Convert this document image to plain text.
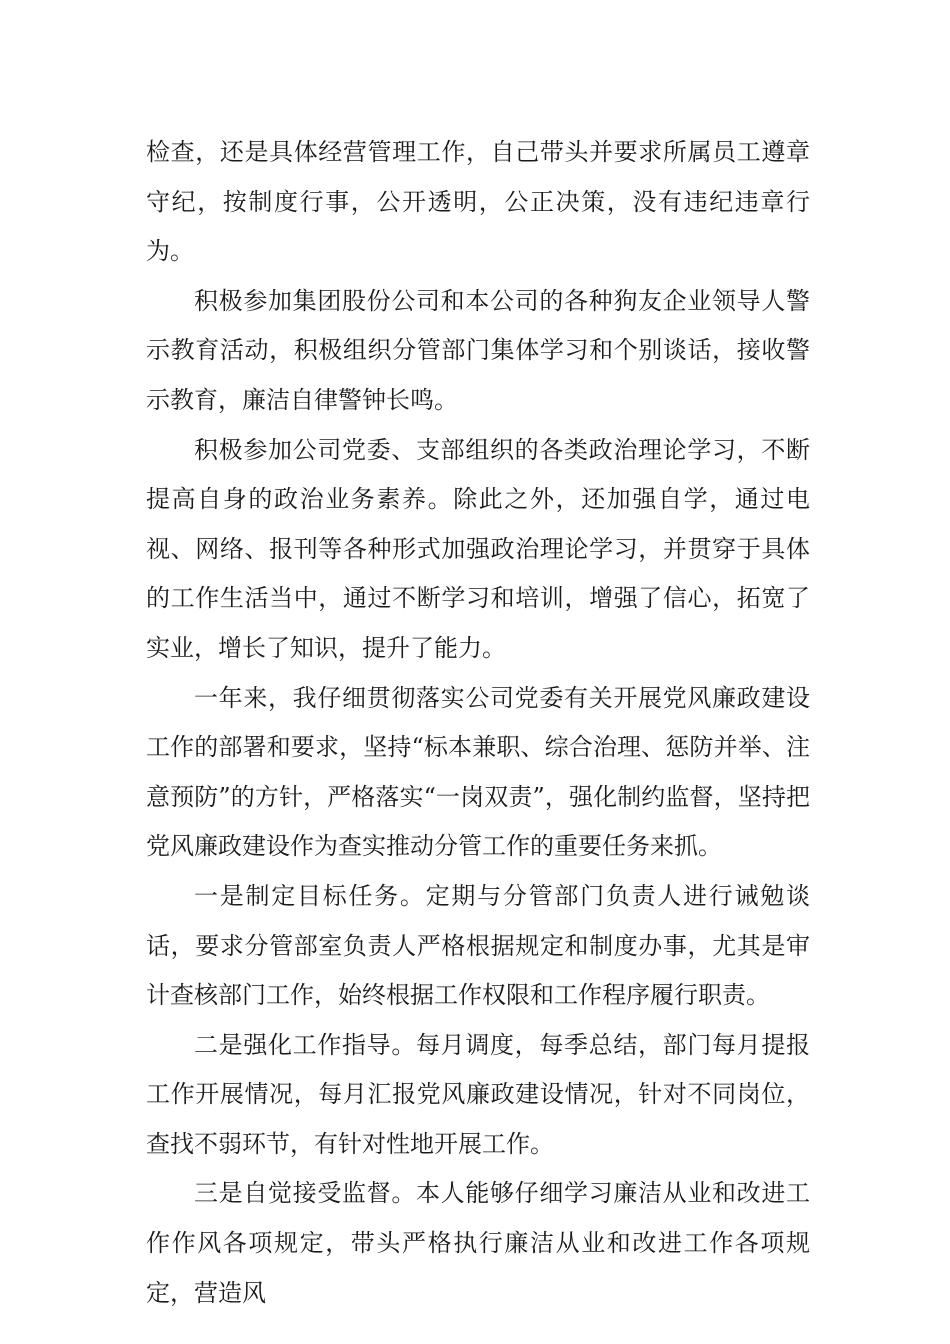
检查，还是具体经营管理工作，自己带头并要求所属员工遵章守纪，按制度行事，公开透明，公正决策，没有违纪违章行为。

积极参加集团股份公司和本公司的各种狗友企业领导人警示教育活动，积极组织分管部门集体学习和个别谈话，接收警示教育，廉洁自律警钟长鸣。

积极参加公司党委、支部组织的各类政治理论学习，不断提高自身的政治业务素养。除此之外，还加强自学，通过电视、网络、报刊等各种形式加强政治理论学习，并贯穿于具体的工作生活当中，通过不断学习和培训，增强了信心，拓宽了实业，增长了知识，提升了能力。

一年来，我仔细贯彻落实公司党委有关开展党风廉政建设工作的部署和要求，坚持“标本兼职、综合治理、惩防并举、注意预防”的方针，严格落实“一岗双责”，强化制约监督，坚持把党风廉政建设作为查实推动分管工作的重要任务来抓。

一是制定目标任务。定期与分管部门负责人进行诫勉谈话，要求分管部室负责人严格根据规定和制度办事，尤其是审计查核部门工作，始终根据工作权限和工作程序履行职责。

二是强化工作指导。每月调度，每季总结，部门每月提报工作开展情况，每月汇报党风廉政建设情况，针对不同岗位，查找不弱环节，有针对性地开展工作。

三是自觉接受监督。本人能够仔细学习廉洁从业和改进工作作风各项规定，带头严格执行廉洁从业和改进工作各项规定，营造风
